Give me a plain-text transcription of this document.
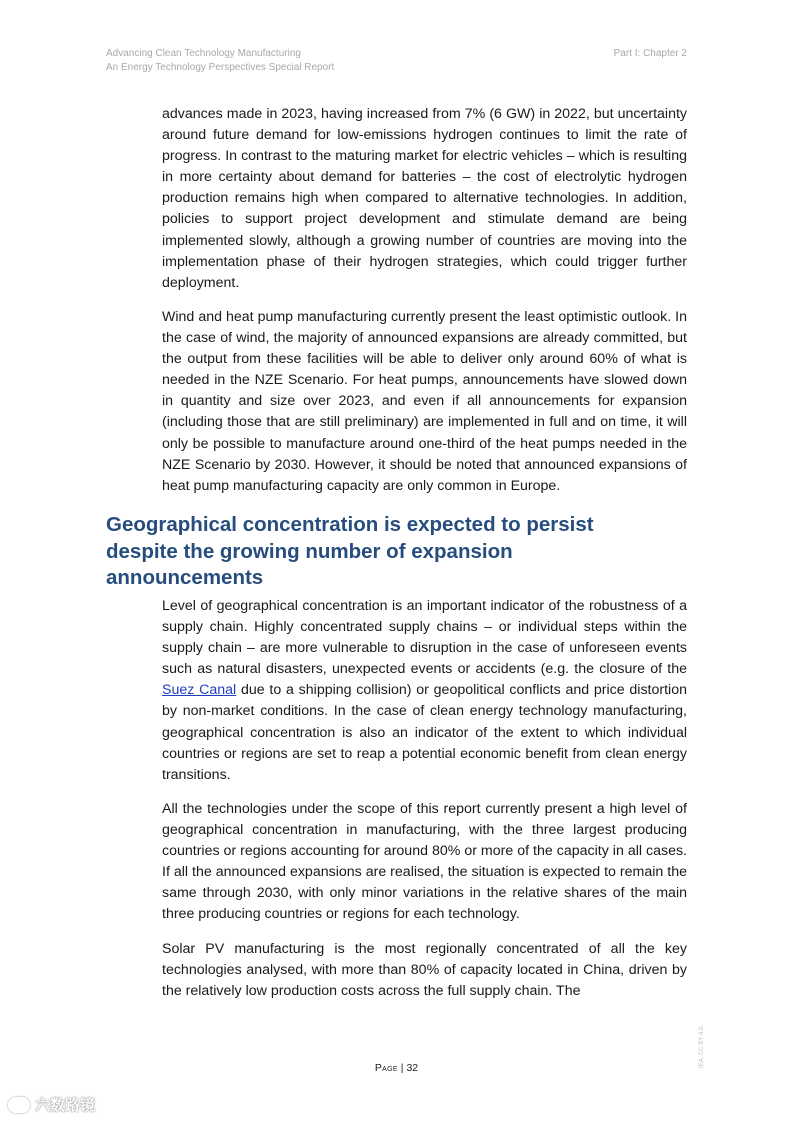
Advancing Clean Technology Manufacturing
An Energy Technology Perspectives Special Report
Part I: Chapter 2

advances made in 2023, having increased from 7% (6 GW) in 2022, but uncertainty around future demand for low-emissions hydrogen continues to limit the rate of progress. In contrast to the maturing market for electric vehicles – which is resulting in more certainty about demand for batteries – the cost of electrolytic hydrogen production remains high when compared to alternative technologies. In addition, policies to support project development and stimulate demand are being implemented slowly, although a growing number of countries are moving into the implementation phase of their hydrogen strategies, which could trigger further deployment.

Wind and heat pump manufacturing currently present the least optimistic outlook. In the case of wind, the majority of announced expansions are already committed, but the output from these facilities will be able to deliver only around 60% of what is needed in the NZE Scenario. For heat pumps, announcements have slowed down in quantity and size over 2023, and even if all announcements for expansion (including those that are still preliminary) are implemented in full and on time, it will only be possible to manufacture around one-third of the heat pumps needed in the NZE Scenario by 2030. However, it should be noted that announced expansions of heat pump manufacturing capacity are only common in Europe.

Geographical concentration is expected to persist despite the growing number of expansion announcements

Level of geographical concentration is an important indicator of the robustness of a supply chain. Highly concentrated supply chains – or individual steps within the supply chain – are more vulnerable to disruption in the case of unforeseen events such as natural disasters, unexpected events or accidents (e.g. the closure of the Suez Canal due to a shipping collision) or geopolitical conflicts and price distortion by non-market conditions. In the case of clean energy technology manufacturing, geographical concentration is also an indicator of the extent to which individual countries or regions are set to reap a potential economic benefit from clean energy transitions.

All the technologies under the scope of this report currently present a high level of geographical concentration in manufacturing, with the three largest producing countries or regions accounting for around 80% or more of the capacity in all cases. If all the announced expansions are realised, the situation is expected to remain the same through 2030, with only minor variations in the relative shares of the main three producing countries or regions for each technology.

Solar PV manufacturing is the most regionally concentrated of all the key technologies analysed, with more than 80% of capacity located in China, driven by the relatively low production costs across the full supply chain. The

Page | 32	IEA. CC BY 4.0.
六数路镜
